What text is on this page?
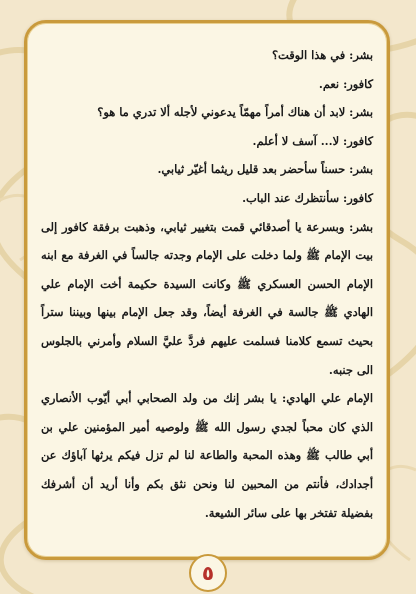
بشر: في هذا الوقت؟

كافور: نعم.

بشر: لابد أن هناك أمراً مهمّاً يدعوني لأجله ألا تدري ما هو؟

كافور: لا... آسف لا أعلم.

بشر: حسناً سأحضر بعد قليل ريثما أغيّر ثيابي.

كافور: سأنتظرك عند الباب.

بشر: وبسرعة يا أصدقائي قمت بتغيير ثيابي، وذهبت برفقة كافور إلى بيت الإمام ﷺ ولما دخلت على الإمام وجدته جالساً في الغرفة مع ابنه الإمام الحسن العسكري ﷺ وكانت السيدة حكيمة أخت الإمام علي الهادي ﷺ جالسة في الغرفة أيضاً، وقد جعل الإمام بينها وبيننا ستراً بحيث تسمع كلامنا فسلمت عليهم فردَّ عليَّ السلام وأمرني بالجلوس الى جنبه.

الإمام علي الهادي: يا بشر إنك من ولد الصحابي أبي أيّوب الأنصاري الذي كان محباً لجدي رسول الله ﷺ ولوصيه أمير المؤمنين علي بن أبي طالب ﷺ وهذه المحبة والطاعة لنا لم تزل فيكم يرثها آباؤك عن أجدادك، فأنتم من المحبين لنا ونحن نثق بكم وأنا أريد أن أشرفك بفضيلة تفتخر بها على سائر الشيعة.

٥
